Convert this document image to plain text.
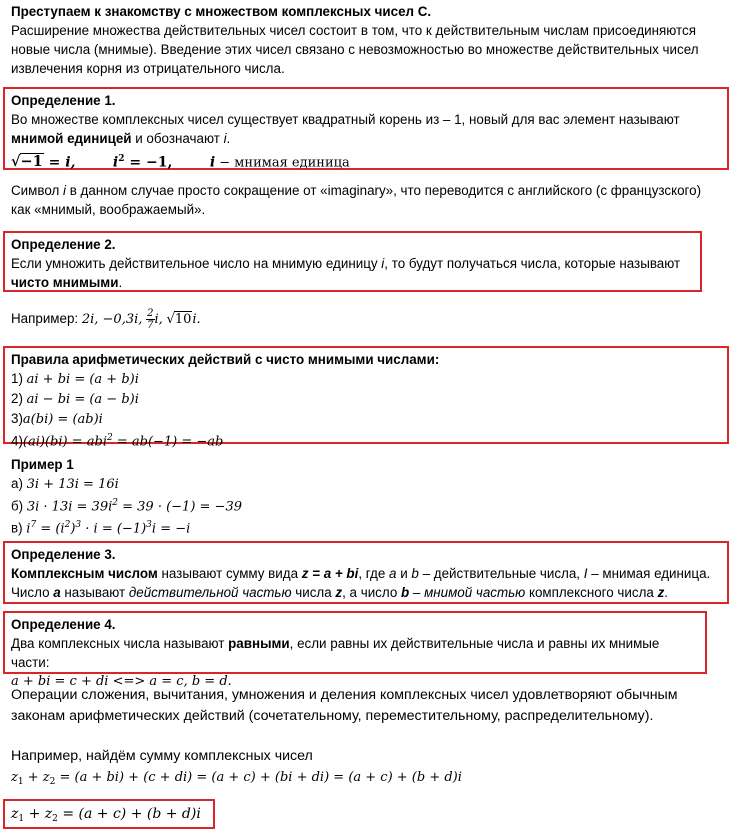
Преступаем к знакомству с множеством комплексных чисел C.
Расширение множества действительных чисел состоит в том, что к действительным числам присоединяются новые числа (мнимые). Введение этих чисел связано с невозможностью во множестве действительных чисел извлечения корня из отрицательного числа.
Определение 1.
Во множестве комплексных чисел существует квадратный корень из – 1, новый для вас элемент называют мнимой единицей и обозначают i.
√−1 = i,	$i^2 = -1$,	i − мнимая единица
Символ i в данном случае просто сокращение от «imaginary», что переводится с английского (с французского) как «мнимый, воображаемый».
Определение 2.
Если умножить действительное число на мнимую единицу i, то будут получаться числа, которые называют чисто мнимыми.
Например: 2i, −0,3i, $\frac{2}{7} i$, √10i.
Правила арифметических действий с чисто мнимыми числами:
1) ai + bi = (a + b)i
2) ai − bi = (a − b)i
3)a(bi) = (ab)i
4)(ai)(bi) = abi$^2$ = ab(−1) = −ab
Пример 1
а) 3i + 13i = 16i
б) $3i \cdot 13i = 39i^2 = 39 \cdot (-1) = -39$
в) $i^7 = (i^2)^3 \cdot i = (-1)^3i = -i$
Определение 3.
Комплексным числом называют сумму вида z = a + bi, где a и b – действительные числа, I – мнимая единица.
Число a называют действительной частью числа z, а число b – мнимой частью комплексного числа z.
Определение 4.
Два комплексных числа называют равными, если равны их действительные числа и равны их мнимые части:
a + bi = c + di <=> a = c, b = d.
Операции сложения, вычитания, умножения и деления комплексных чисел удовлетворяют обычным законам арифметических действий (сочетательному, переместительному, распределительному).
Например, найдём сумму комплексных чисел
$z_1 + z_2 = (a + bi) + (c + di) = (a + c) + (bi + di) = (a + c) + (b + d)i$
$z_1 + z_2 = (a + c) + (b + d)i$
